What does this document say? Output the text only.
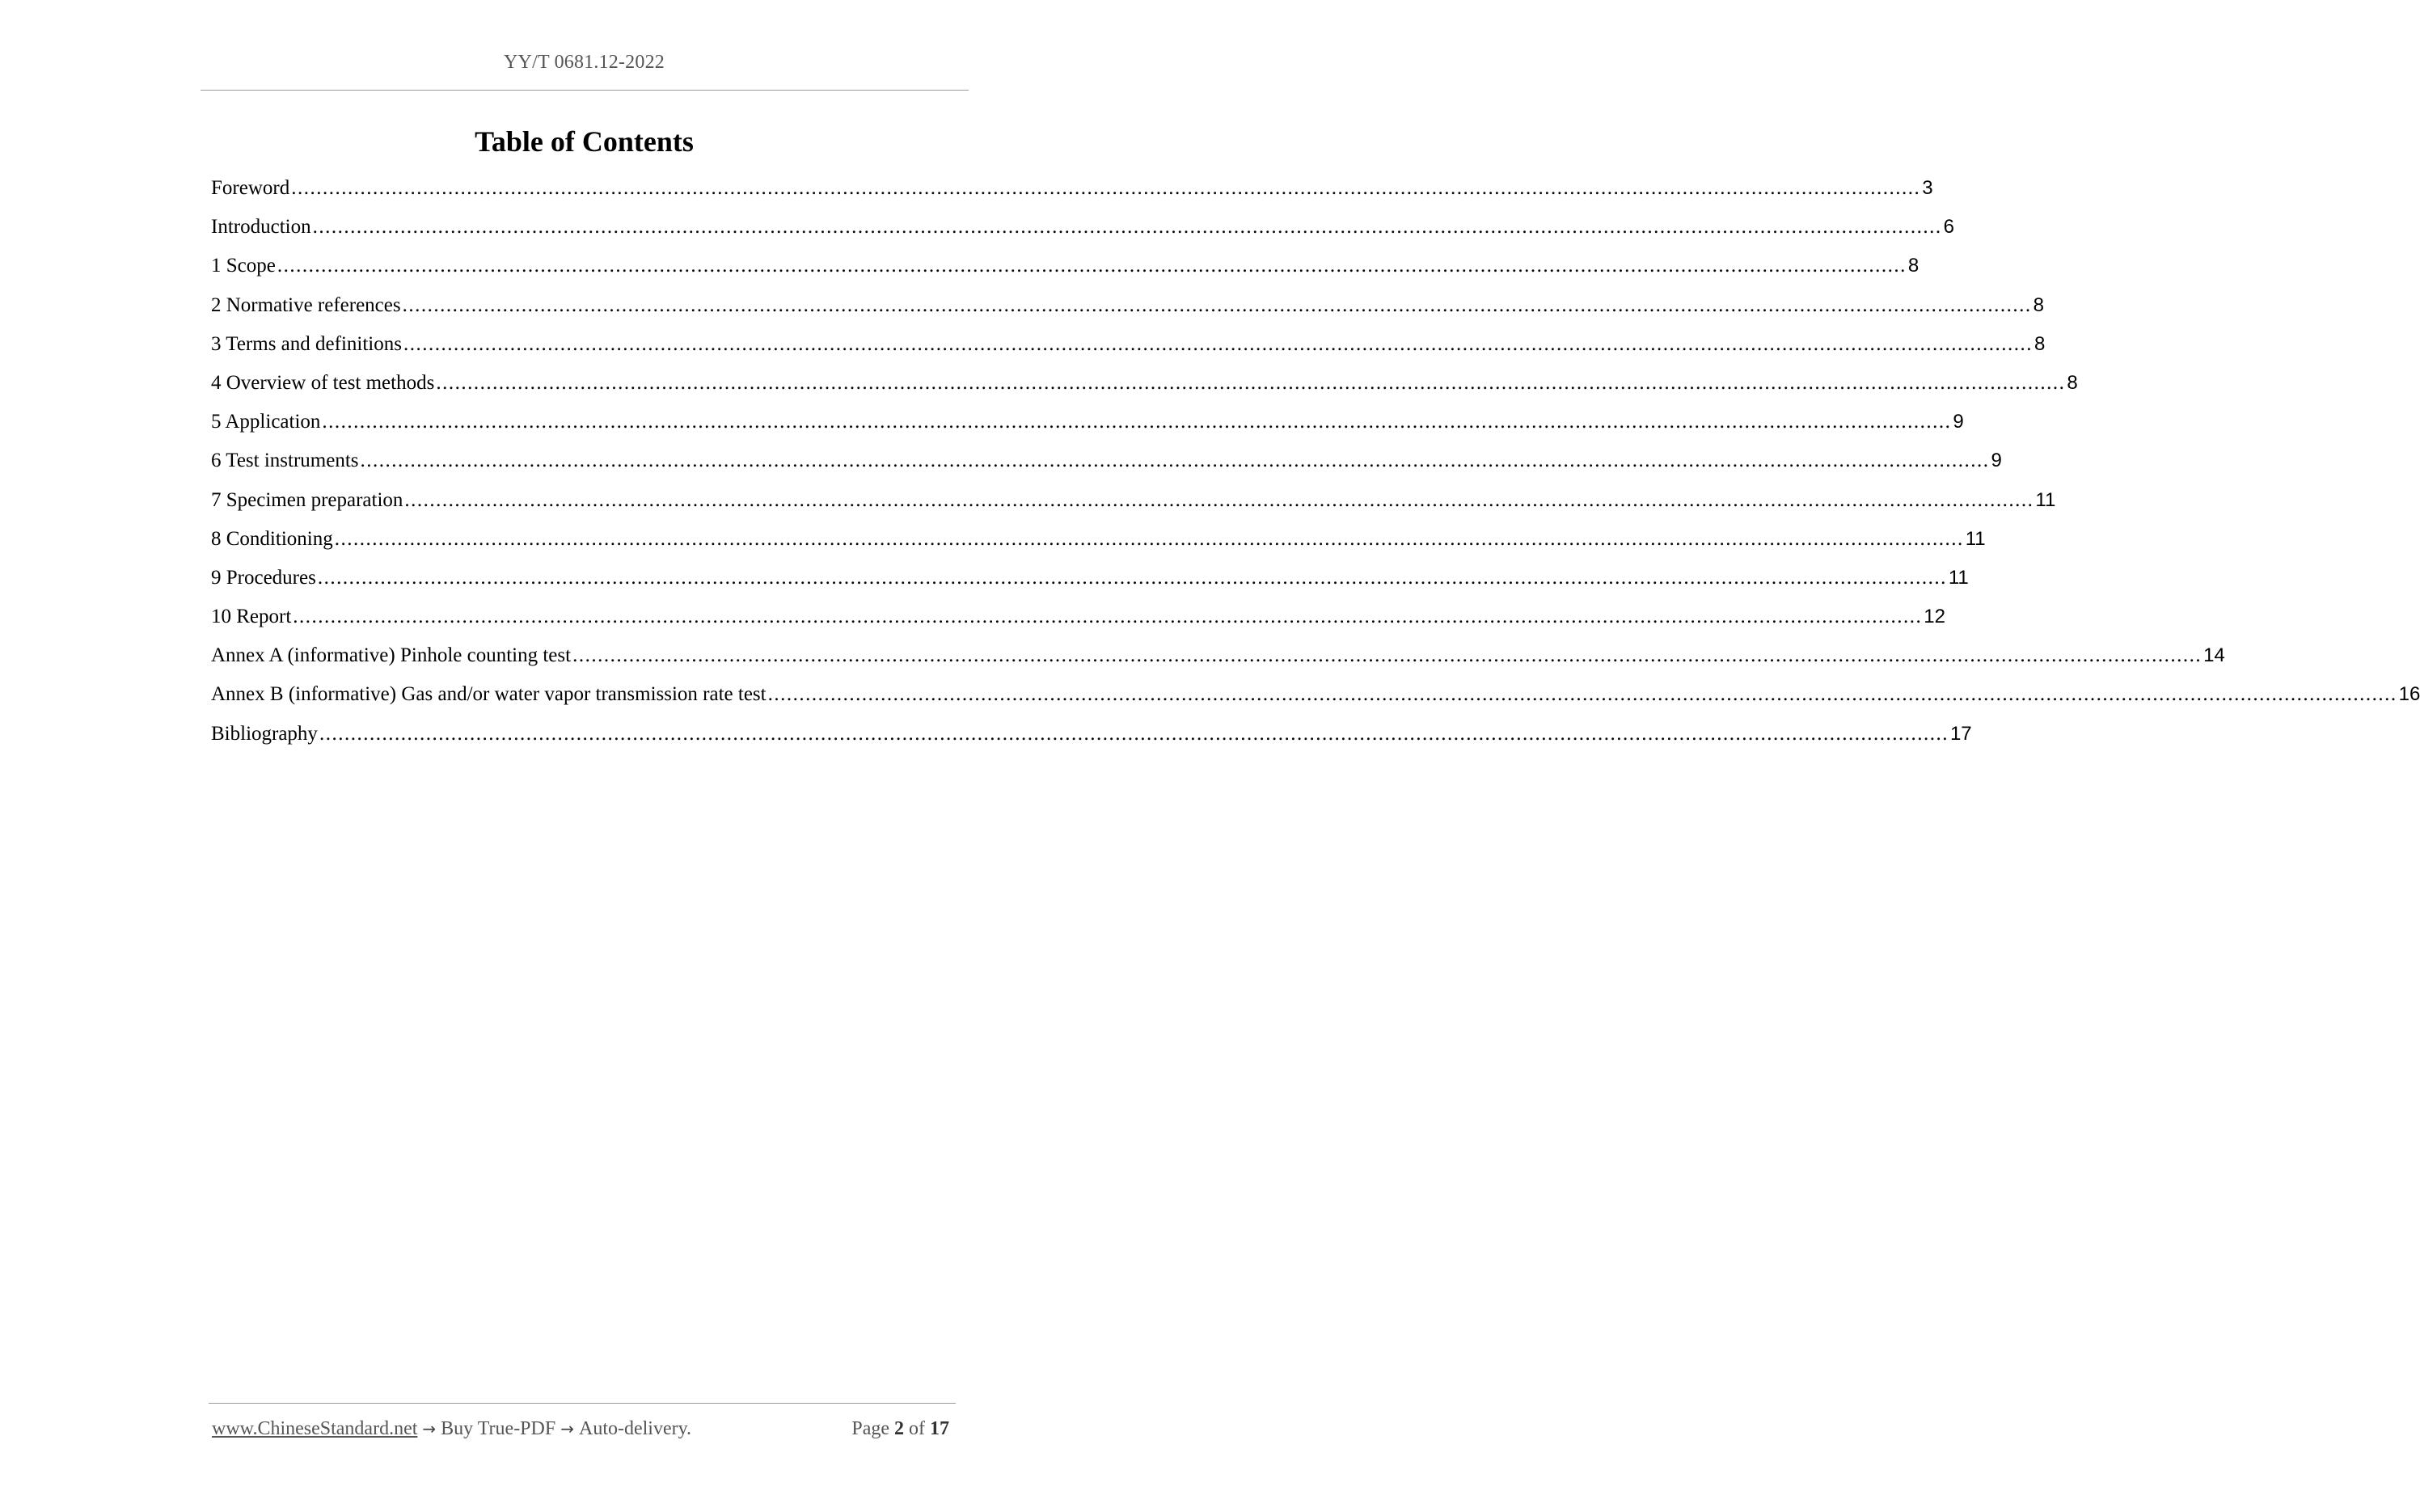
YY/T 0681.12-2022
Table of Contents
Foreword .................................................................................................................................................................................................................................................................... 3
Introduction .................................................................................................................................................................................................................................................................... 6
1 Scope .................................................................................................................................................................................................................................................................... 8
2 Normative references .................................................................................................................................................................................................................................................................... 8
3 Terms and definitions .................................................................................................................................................................................................................................................................... 8
4 Overview of test methods .................................................................................................................................................................................................................................................................... 8
5 Application .................................................................................................................................................................................................................................................................... 9
6 Test instruments .................................................................................................................................................................................................................................................................... 9
7 Specimen preparation .................................................................................................................................................................................................................................................................... 11
8 Conditioning .................................................................................................................................................................................................................................................................... 11
9 Procedures .................................................................................................................................................................................................................................................................... 11
10 Report .................................................................................................................................................................................................................................................................... 12
Annex A (informative) Pinhole counting test .................................................................................................................................................................................................................................................................... 14
Annex B (informative) Gas and/or water vapor transmission rate test .................................................................................................................................................................................................................................................................... 16
Bibliography .................................................................................................................................................................................................................................................................... 17
www.ChineseStandard.net → Buy True-PDF → Auto-delivery.	Page 2 of 17
